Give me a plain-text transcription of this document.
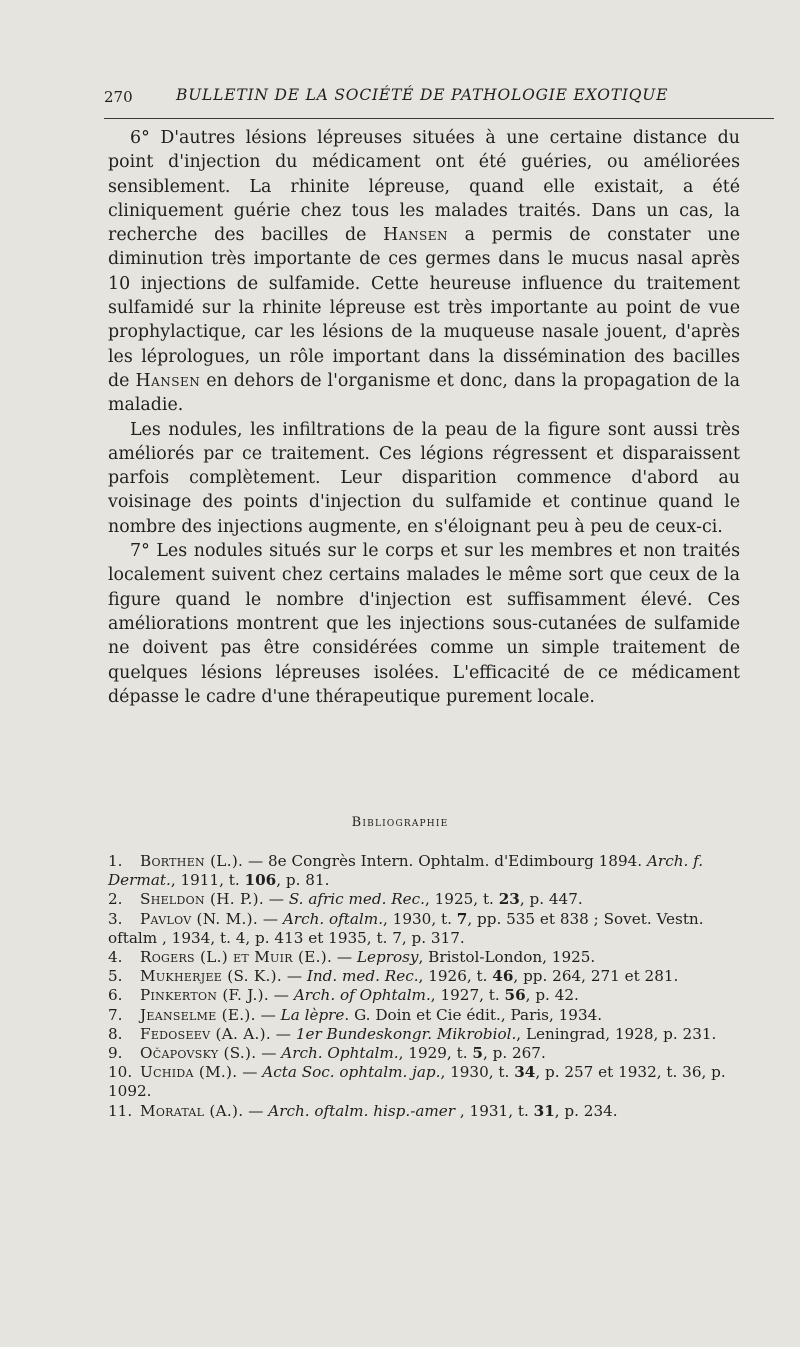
270	BULLETIN DE LA SOCIÉTÉ DE PATHOLOGIE EXOTIQUE

6° D'autres lésions lépreuses situées à une certaine distance du point d'injection du médicament ont été guéries, ou améliorées sensiblement. La rhinite lépreuse, quand elle existait, a été cliniquement guérie chez tous les malades traités. Dans un cas, la recherche des bacilles de Hansen a permis de constater une diminution très importante de ces germes dans le mucus nasal après 10 injections de sulfamide. Cette heureuse influence du traitement sulfamidé sur la rhinite lépreuse est très importante au point de vue prophylactique, car les lésions de la muqueuse nasale jouent, d'après les léprologues, un rôle important dans la dissémination des bacilles de Hansen en dehors de l'organisme et donc, dans la propagation de la maladie.

Les nodules, les infiltrations de la peau de la figure sont aussi très améliorés par ce traitement. Ces légions régressent et disparaissent parfois complètement. Leur disparition commence d'abord au voisinage des points d'injection du sulfamide et continue quand le nombre des injections augmente, en s'éloignant peu à peu de ceux-ci.

7° Les nodules situés sur le corps et sur les membres et non traités localement suivent chez certains malades le même sort que ceux de la figure quand le nombre d'injection est suffisamment élevé. Ces améliorations montrent que les injections sous-cutanées de sulfamide ne doivent pas être considérées comme un simple traitement de quelques lésions lépreuses isolées. L'efficacité de ce médicament dépasse le cadre d'une thérapeutique purement locale.

Bibliographie
1. Borthen (L.). — 8e Congrès Intern. Ophtalm. d'Edimbourg 1894. Arch. f. Dermat., 1911, t. 106, p. 81.
2. Sheldon (H. P.). — S. afric med. Rec., 1925, t. 23, p. 447.
3. Pavlov (N. M.). — Arch. oftalm., 1930, t. 7, pp. 535 et 838 ; Sovet. Vestn. oftalm , 1934, t. 4, p. 413 et 1935, t. 7, p. 317.
4. Rogers (L.) et Muir (E.). — Leprosy, Bristol-London, 1925.
5. Mukherjee (S. K.). — Ind. med. Rec., 1926, t. 46, pp. 264, 271 et 281.
6. Pinkerton (F. J.). — Arch. of Ophtalm., 1927, t. 56, p. 42.
7. Jeanselme (E.). — La lèpre. G. Doin et Cie édit., Paris, 1934.
8. Fedoseev (A. A.). — 1er Bundeskongr. Mikrobiol., Leningrad, 1928, p. 231.
9. Očapovsky (S.). — Arch. Ophtalm., 1929, t. 5, p. 267.
10. Uchida (M.). — Acta Soc. ophtalm. jap., 1930, t. 34, p. 257 et 1932, t. 36, p. 1092.
11. Moratal (A.). — Arch. oftalm. hisp.-amer , 1931, t. 31, p. 234.
